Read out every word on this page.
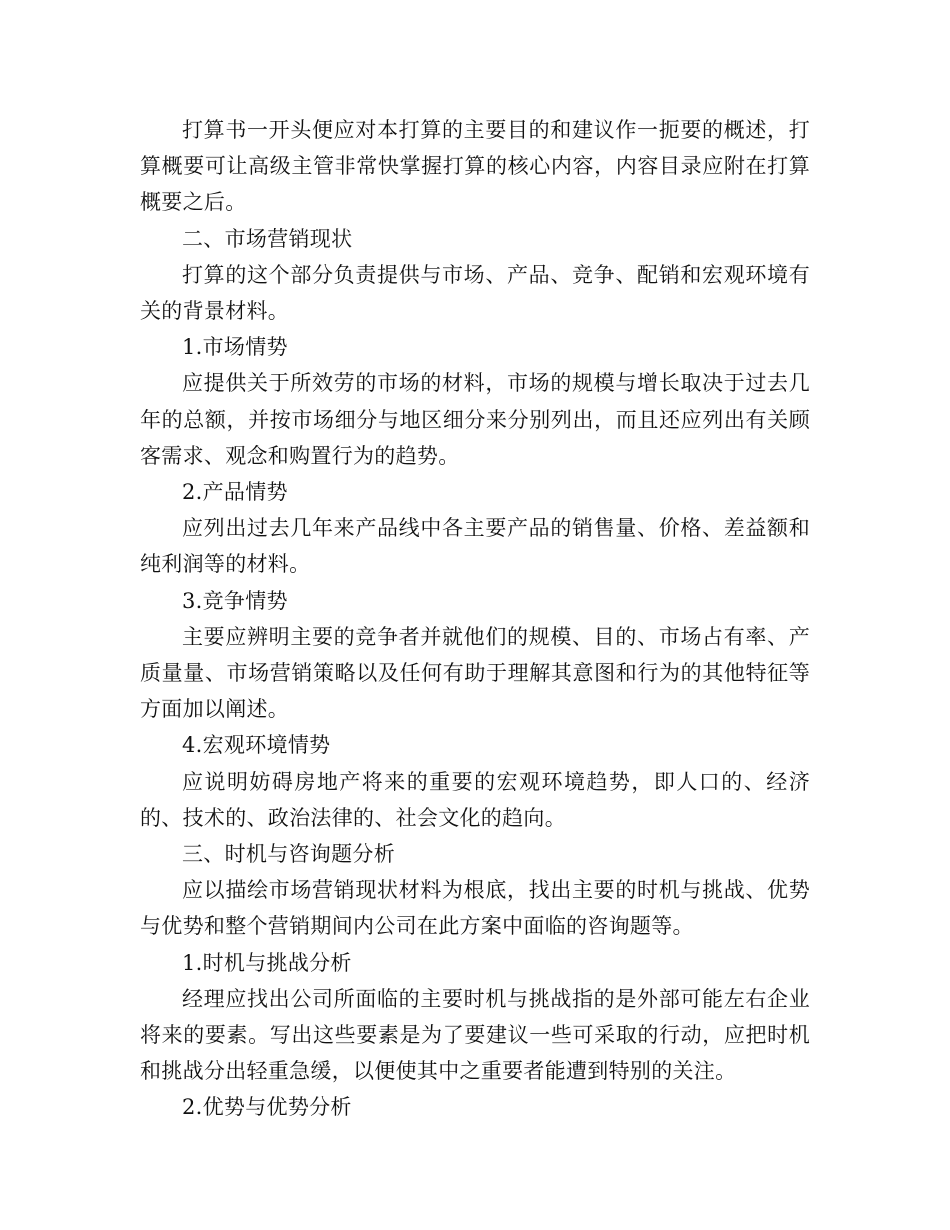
打算书一开头便应对本打算的主要目的和建议作一扼要的概述，打算概要可让高级主管非常快掌握打算的核心内容，内容目录应附在打算概要之后。

二、市场营销现状

打算的这个部分负责提供与市场、产品、竞争、配销和宏观环境有关的背景材料。

1.市场情势

应提供关于所效劳的市场的材料，市场的规模与增长取决于过去几年的总额，并按市场细分与地区细分来分别列出，而且还应列出有关顾客需求、观念和购置行为的趋势。

2.产品情势

应列出过去几年来产品线中各主要产品的销售量、价格、差益额和纯利润等的材料。

3.竞争情势

主要应辨明主要的竞争者并就他们的规模、目的、市场占有率、产质量量、市场营销策略以及任何有助于理解其意图和行为的其他特征等方面加以阐述。

4.宏观环境情势

应说明妨碍房地产将来的重要的宏观环境趋势，即人口的、经济的、技术的、政治法律的、社会文化的趋向。

三、时机与咨询题分析

应以描绘市场营销现状材料为根底，找出主要的时机与挑战、优势与优势和整个营销期间内公司在此方案中面临的咨询题等。

1.时机与挑战分析

经理应找出公司所面临的主要时机与挑战指的是外部可能左右企业将来的要素。写出这些要素是为了要建议一些可采取的行动，应把时机和挑战分出轻重急缓，以便使其中之重要者能遭到特别的关注。

2.优势与优势分析
